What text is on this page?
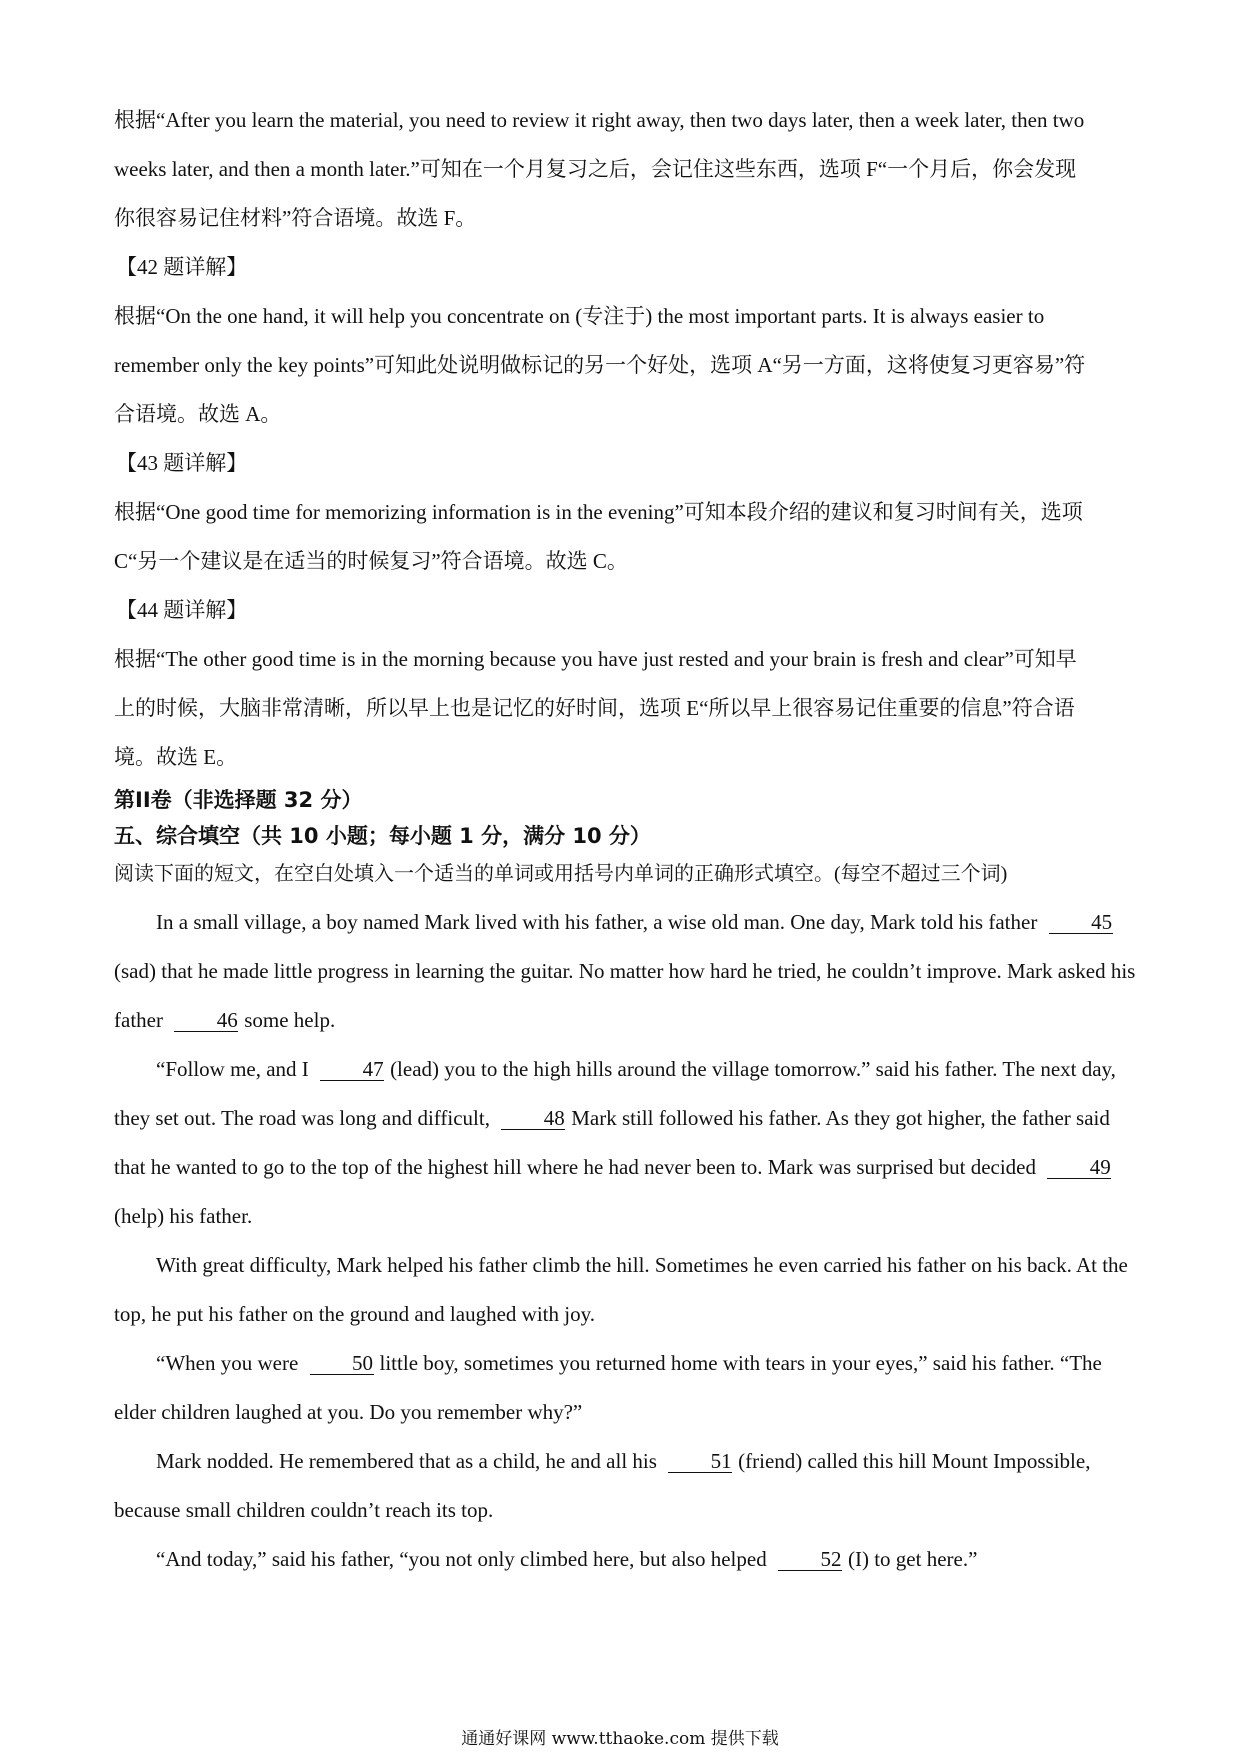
根据“After you learn the material, you need to review it right away, then two days later, then a week later, then two
weeks later, and then a month later.”可知在一个月复习之后，会记住这些东西，选项 F“一个月后，你会发现
你很容易记住材料”符合语境。故选 F。
【42 题详解】
根据“On the one hand, it will help you concentrate on (专注于) the most important parts. It is always easier to
remember only the key points”可知此处说明做标记的另一个好处，选项 A“另一方面，这将使复习更容易”符
合语境。故选 A。
【43 题详解】
根据“One good time for memorizing information is in the evening”可知本段介绍的建议和复习时间有关，选项
C“另一个建议是在适当的时候复习”符合语境。故选 C。
【44 题详解】
根据“The other good time is in the morning because you have just rested and your brain is fresh and clear”可知早
上的时候，大脑非常清晰，所以早上也是记忆的好时间，选项 E“所以早上很容易记住重要的信息”符合语
境。故选 E。
第II卷（非选择题 32 分）
五、综合填空（共 10 小题；每小题 1 分，满分 10 分）
阅读下面的短文，在空白处填入一个适当的单词或用括号内单词的正确形式填空。(每空不超过三个词)

In a small village, a boy named Mark lived with his father, a wise old man. One day, Mark told his father	45(sad) that he made little progress in learning the guitar. No matter how hard he tried, he couldn’t improve. Mark asked his father	46 some help.

“Follow me, and I	47 (lead) you to the high hills around the village tomorrow.” said his father. The next day, they set out. The road was long and difficult,	48 Mark still followed his father. As they got higher, the father said that he wanted to go to the top of the highest hill where he had never been to. Mark was surprised but decided	49(help) his father.

With great difficulty, Mark helped his father climb the hill. Sometimes he even carried his father on his back. At the top, he put his father on the ground and laughed with joy.

“When you were	50 little boy, sometimes you returned home with tears in your eyes,” said his father. “The elder children laughed at you. Do you remember why?”

Mark nodded. He remembered that as a child, he and all his	51 (friend) called this hill Mount Impossible, because small children couldn’t reach its top.

“And today,” said his father, “you not only climbed here, but also helped	52 (I) to get here.”

通通好课网 www.tthaoke.com 提供下载
